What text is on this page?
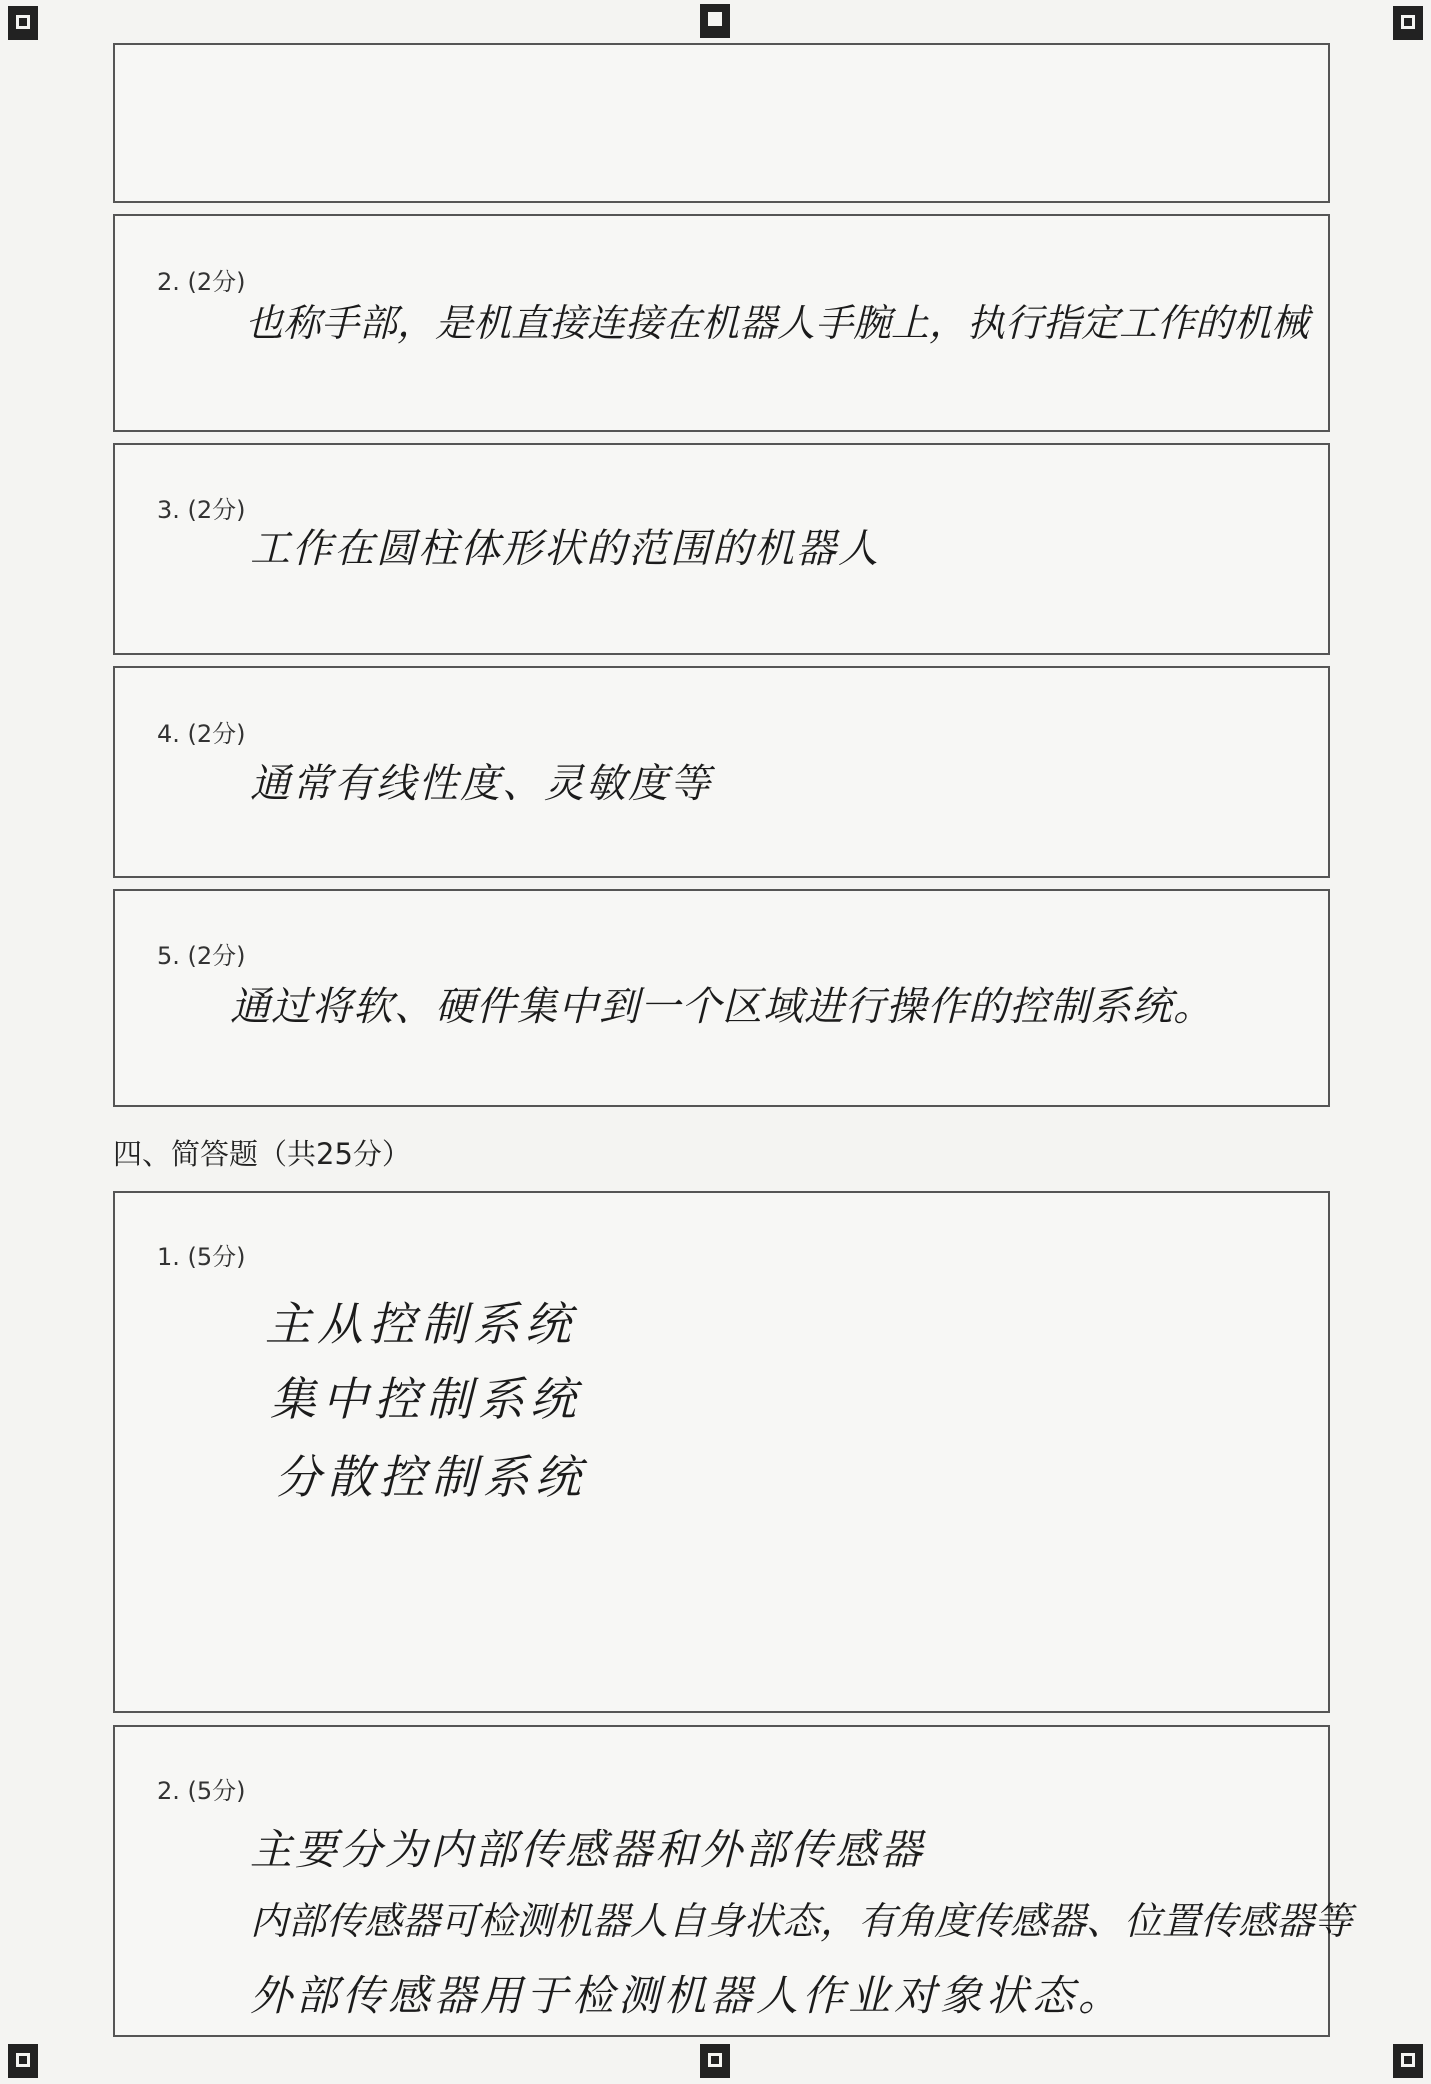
2. (2分)
也称手部，是机直接连接在机器人手腕上，执行指定工作的机械
3. (2分)
工作在圆柱体形状的范围的机器人
4. (2分)
通常有线性度、灵敏度等
5. (2分)
通过将软、硬件集中到一个区域进行操作的控制系统。
四、简答题（共25分）
1. (5分)
主从控制系统
集中控制系统
分散控制系统
2. (5分)
主要分为内部传感器和外部传感器
内部传感器可检测机器人自身状态，有角度传感器、位置传感器等
外部传感器用于检测机器人作业对象状态。
